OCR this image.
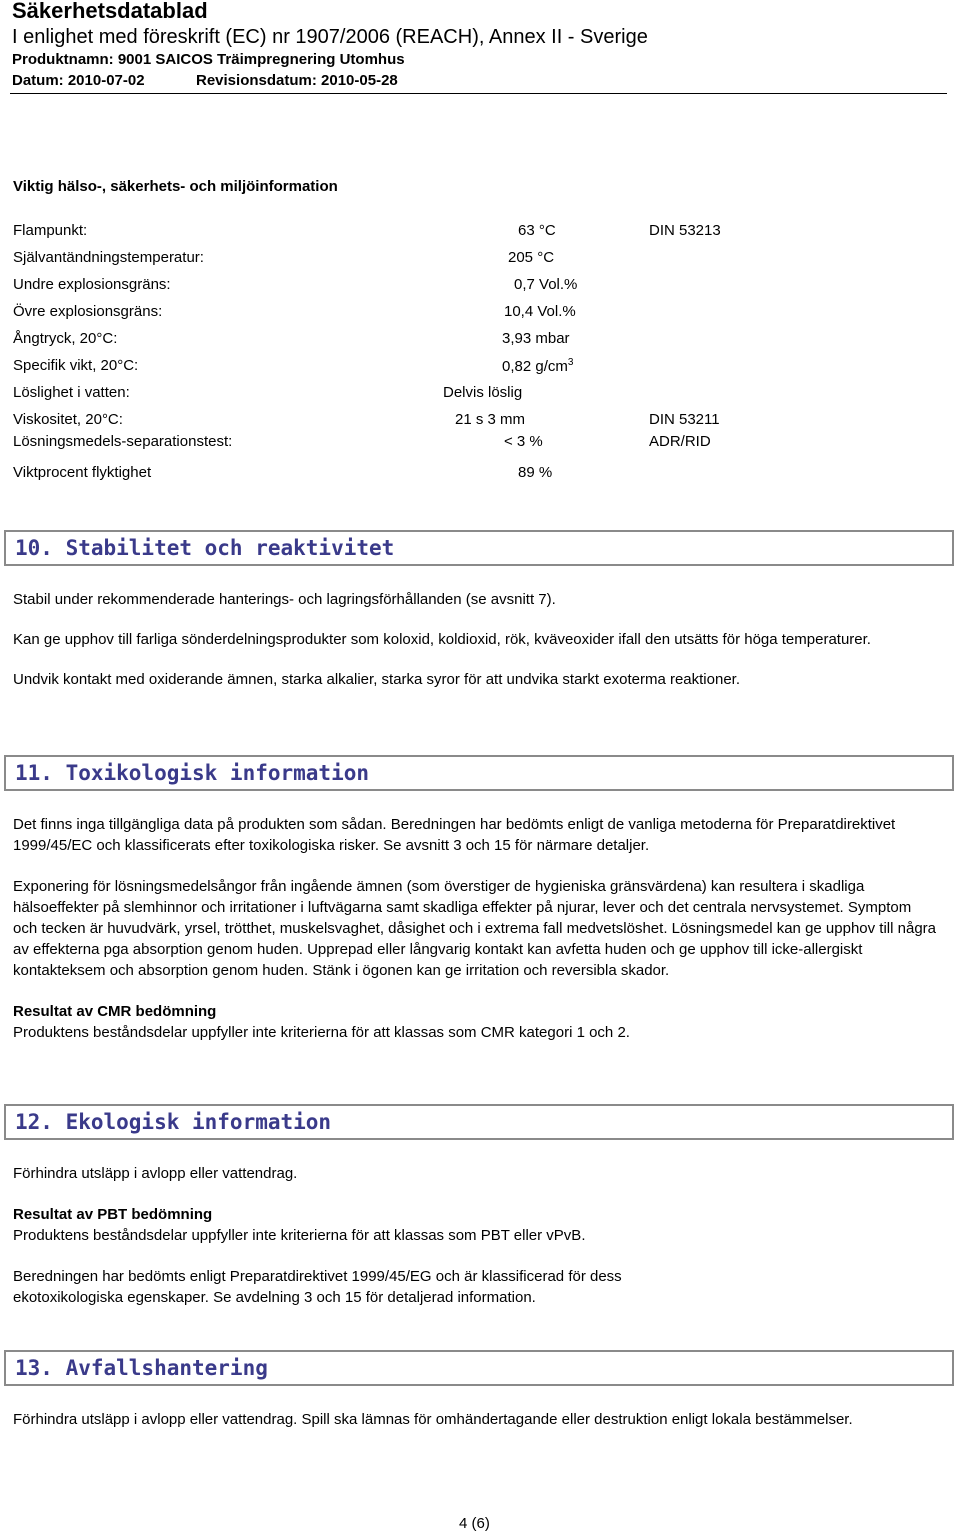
Säkerhetsdatablad
I enlighet med föreskrift (EC) nr 1907/2006 (REACH), Annex II - Sverige
Produktnamn: 9001 SAICOS Träimpregnering Utomhus
Datum: 2010-07-02	Revisionsdatum: 2010-05-28
Viktig hälso-, säkerhets- och miljöinformation
Flampunkt:	63 °C	DIN 53213
Självantändningstemperatur:	205 °C
Undre explosionsgräns:	0,7 Vol.%
Övre explosionsgräns:	10,4 Vol.%
Ångtryck, 20°C:	3,93 mbar
Specifik vikt, 20°C:	0,82 $g/cm^3$
Löslighet i vatten:	Delvis löslig
Viskositet, 20°C:	21 s 3 mm	DIN 53211
Lösningsmedels-separationstest:	< 3 %	ADR/RID
Viktprocent flyktighet	89 %
10. Stabilitet och reaktivitet
Stabil under rekommenderade hanterings- och lagringsförhållanden (se avsnitt 7).
Kan ge upphov till farliga sönderdelningsprodukter som koloxid, koldioxid, rök, kväveoxider ifall den utsätts för höga temperaturer.
Undvik kontakt med oxiderande ämnen, starka alkalier, starka syror för att undvika starkt exoterma reaktioner.
11. Toxikologisk information
Det finns inga tillgängliga data på produkten som sådan. Beredningen har bedömts enligt de vanliga metoderna för Preparatdirektivet 1999/45/EC och klassificerats efter toxikologiska risker. Se avsnitt 3 och 15 för närmare detaljer.
Exponering för lösningsmedelsångor från ingående ämnen (som överstiger de hygieniska gränsvärdena) kan resultera i skadliga hälsoeffekter på slemhinnor och irritationer i luftvägarna samt skadliga effekter på njurar, lever och det centrala nervsystemet. Symptom och tecken är huvudvärk, yrsel, trötthet, muskelsvaghet, dåsighet och i extrema fall medvetslöshet. Lösningsmedel kan ge upphov till några av effekterna pga absorption genom huden. Upprepad eller långvarig kontakt kan avfetta huden och ge upphov till icke-allergiskt kontakteksem och absorption genom huden. Stänk i ögonen kan ge irritation och reversibla skador.
Resultat av CMR bedömning
Produktens beståndsdelar uppfyller inte kriterierna för att klassas som CMR kategori 1 och 2.
12. Ekologisk information
Förhindra utsläpp i avlopp eller vattendrag.
Resultat av PBT bedömning
Produktens beståndsdelar uppfyller inte kriterierna för att klassas som PBT eller vPvB.
Beredningen har bedömts enligt Preparatdirektivet 1999/45/EG och är klassificerad för dess ekotoxikologiska egenskaper. Se avdelning 3 och 15 för detaljerad information.
13. Avfallshantering
Förhindra utsläpp i avlopp eller vattendrag. Spill ska lämnas för omhändertagande eller destruktion enligt lokala bestämmelser.
4 (6)
